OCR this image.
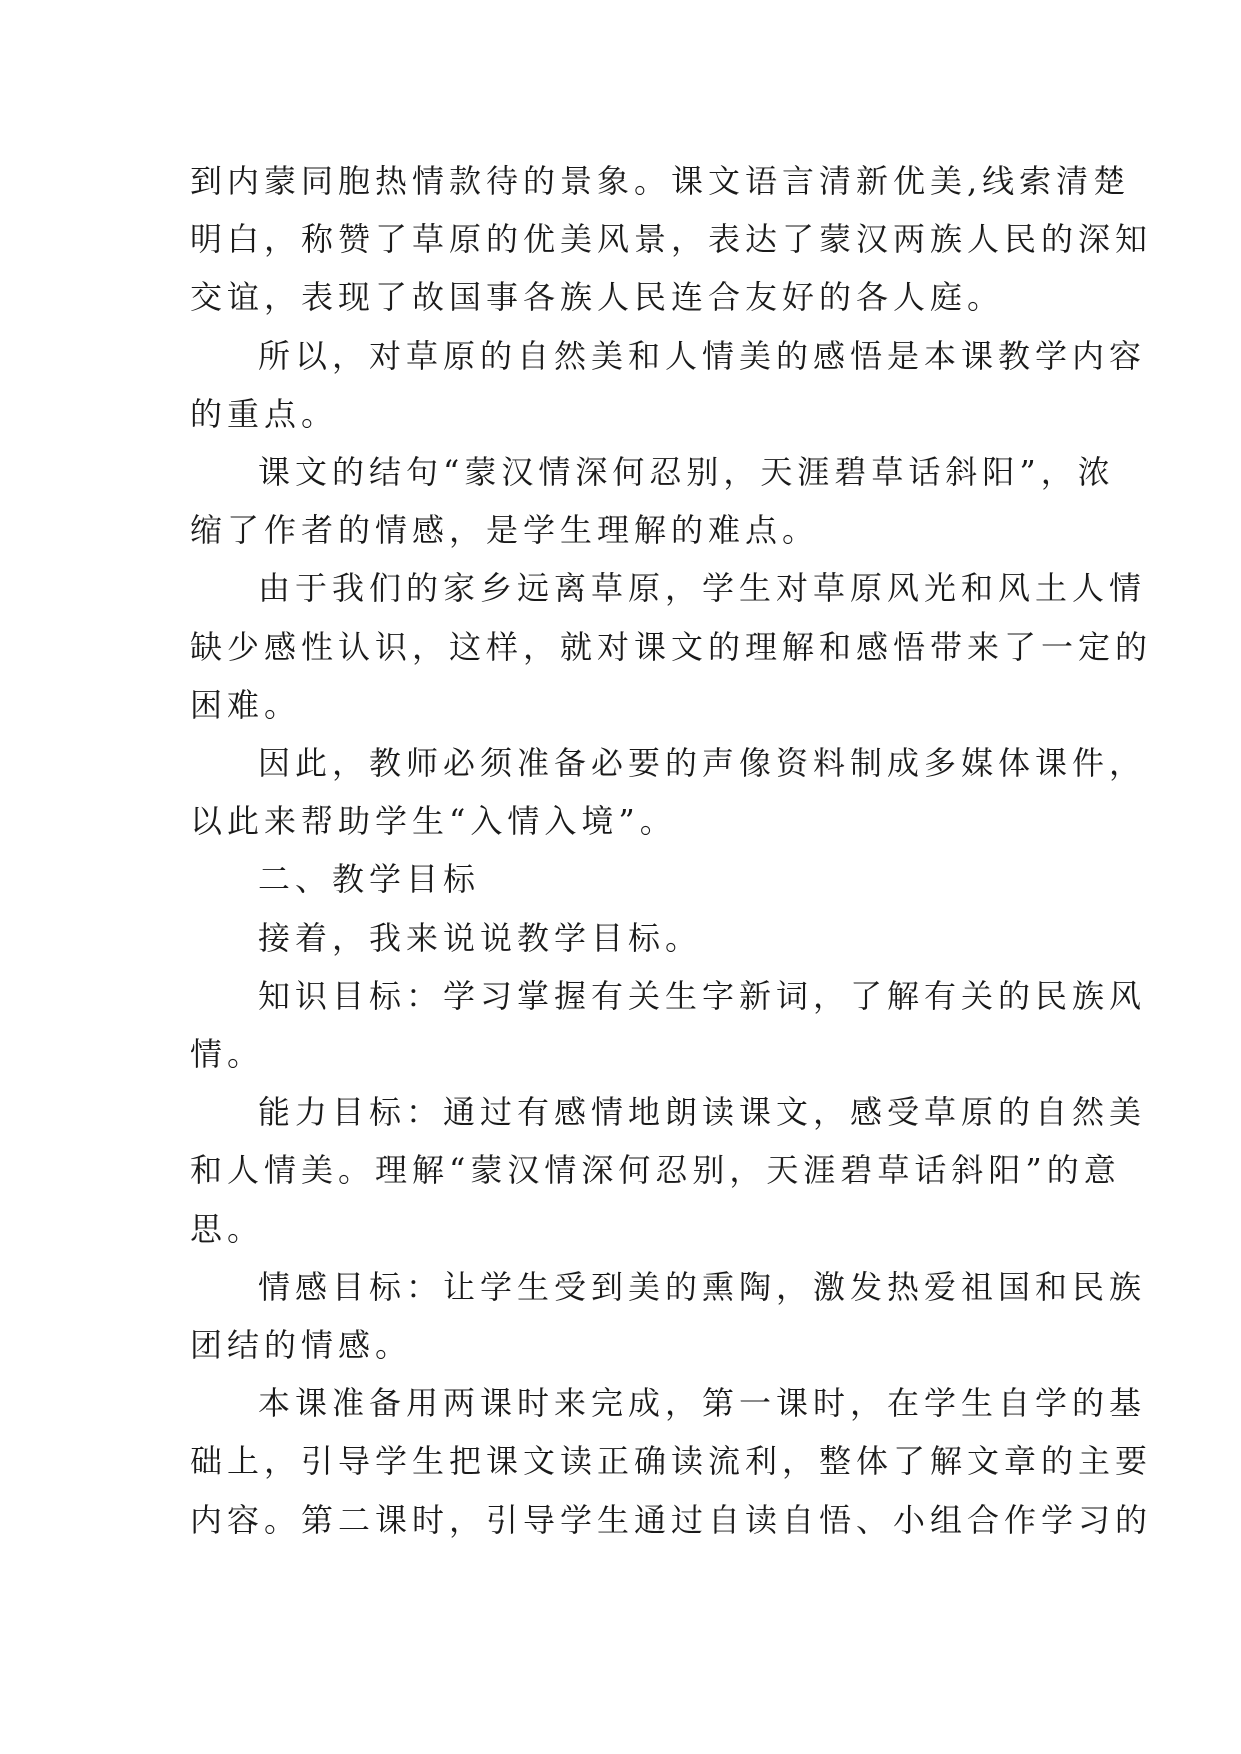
到内蒙同胞热情款待的景象。课文语言清新优美,线索清楚
明白，称赞了草原的优美风景，表达了蒙汉两族人民的深知
交谊，表现了故国事各族人民连合友好的各人庭。
所以，对草原的自然美和人情美的感悟是本课教学内容
的重点。
课文的结句“蒙汉情深何忍别，天涯碧草话斜阳”，浓
缩了作者的情感，是学生理解的难点。
由于我们的家乡远离草原，学生对草原风光和风土人情
缺少感性认识，这样，就对课文的理解和感悟带来了一定的
困难。
因此，教师必须准备必要的声像资料制成多媒体课件，
以此来帮助学生“入情入境”。
二、教学目标
接着，我来说说教学目标。
知识目标：学习掌握有关生字新词，了解有关的民族风
情。
能力目标：通过有感情地朗读课文，感受草原的自然美
和人情美。理解“蒙汉情深何忍别，天涯碧草话斜阳”的意
思。
情感目标：让学生受到美的熏陶，激发热爱祖国和民族
团结的情感。
本课准备用两课时来完成，第一课时，在学生自学的基
础上，引导学生把课文读正确读流利，整体了解文章的主要
内容。第二课时，引导学生通过自读自悟、小组合作学习的
